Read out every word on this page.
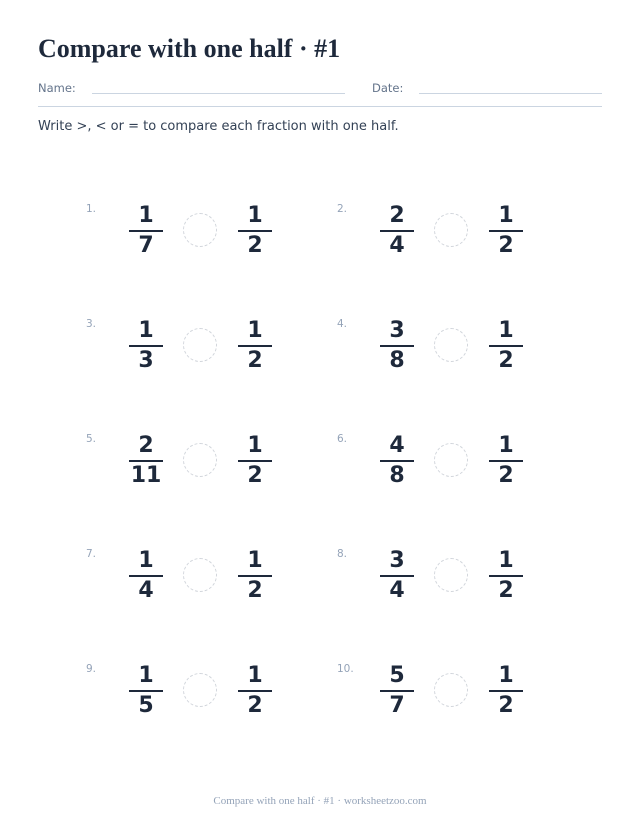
Compare with one half · #1
Name:	Date:
Write >, < or = to compare each fraction with one half.
1.	1
7
1
2
2.	2
4
1
2
3.	1
3
1
2
4.	3
8
1
2
5.	2
11
1
2
6.	4
8
1
2
7.	1
4
1
2
8.	3
4
1
2
9.	1
5
1
2
10.	5
7
1
2
Compare with one half · #1 · worksheetzoo.com
